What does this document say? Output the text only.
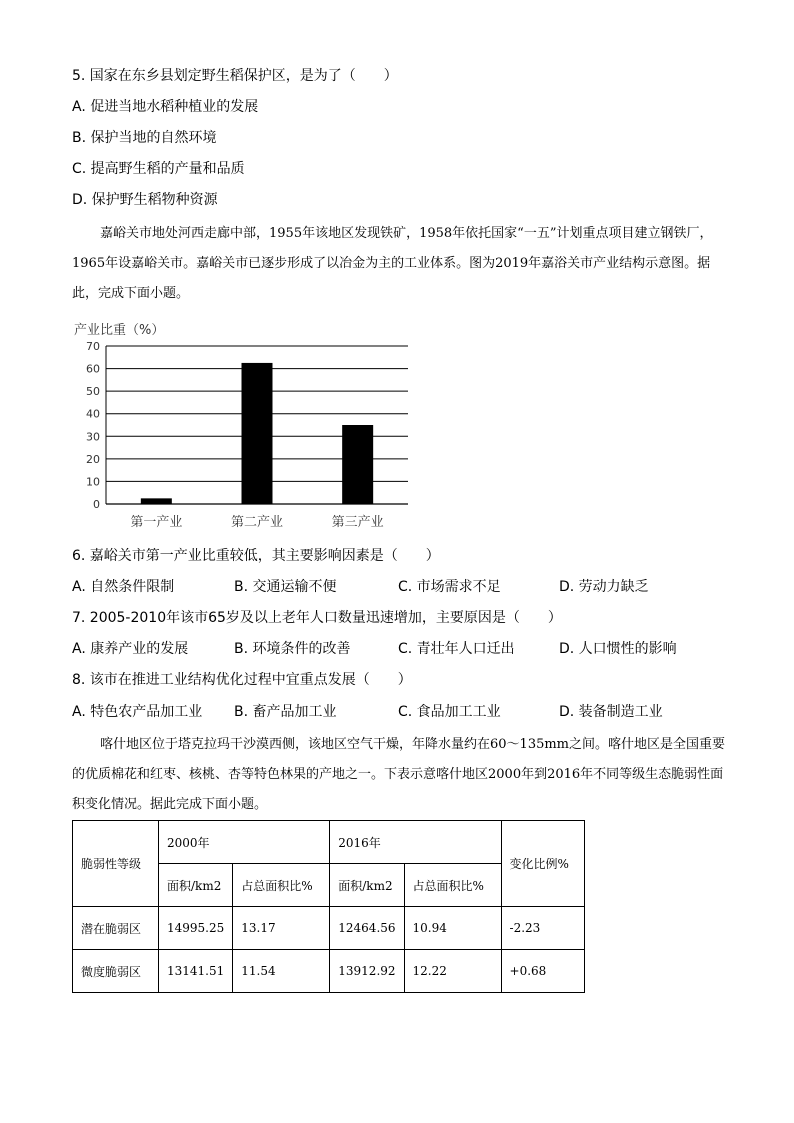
5. 国家在东乡县划定野生稻保护区，是为了（　　）
A. 促进当地水稻种植业的发展
B. 保护当地的自然环境
C. 提高野生稻的产量和品质
D. 保护野生稻物种资源
嘉峪关市地处河西走廊中部，1955年该地区发现铁矿，1958年依托国家“一五”计划重点项目建立钢铁厂，1965年设嘉峪关市。嘉峪关市已逐步形成了以冶金为主的工业体系。图为2019年嘉浴关市产业结构示意图。据此，完成下面小题。
产业比重（%）
0
10
20
30
40
50
60
70
第一产业	第二产业	第三产业
6. 嘉峪关市第一产业比重较低，其主要影响因素是（　　）
A. 自然条件限制	B. 交通运输不便	C. 市场需求不足	D. 劳动力缺乏
7. 2005-2010年该市65岁及以上老年人口数量迅速增加，主要原因是（　　）
A. 康养产业的发展	B. 环境条件的改善	C. 青壮年人口迁出	D. 人口惯性的影响
8. 该市在推进工业结构优化过程中宜重点发展（　　）
A. 特色农产品加工业 B. 畜产品加工业	C. 食品加工工业	D. 装备制造工业
喀什地区位于塔克拉玛干沙漠西侧，该地区空气干燥，年降水量约在60～135mm之间。喀什地区是全国重要的优质棉花和红枣、核桃、杏等特色林果的产地之一。下表示意喀什地区2000年到2016年不同等级生态脆弱性面积变化情况。据此完成下面小题。
脆弱性等级	2000年		2016年		变化比例%
	面积/km2	占总面积比%	面积/km2	占总面积比%	
潜在脆弱区	14995.25	13.17	12464.56	10.94	-2.23
微度脆弱区	13141.51	11.54	13912.92	12.22	+0.68
